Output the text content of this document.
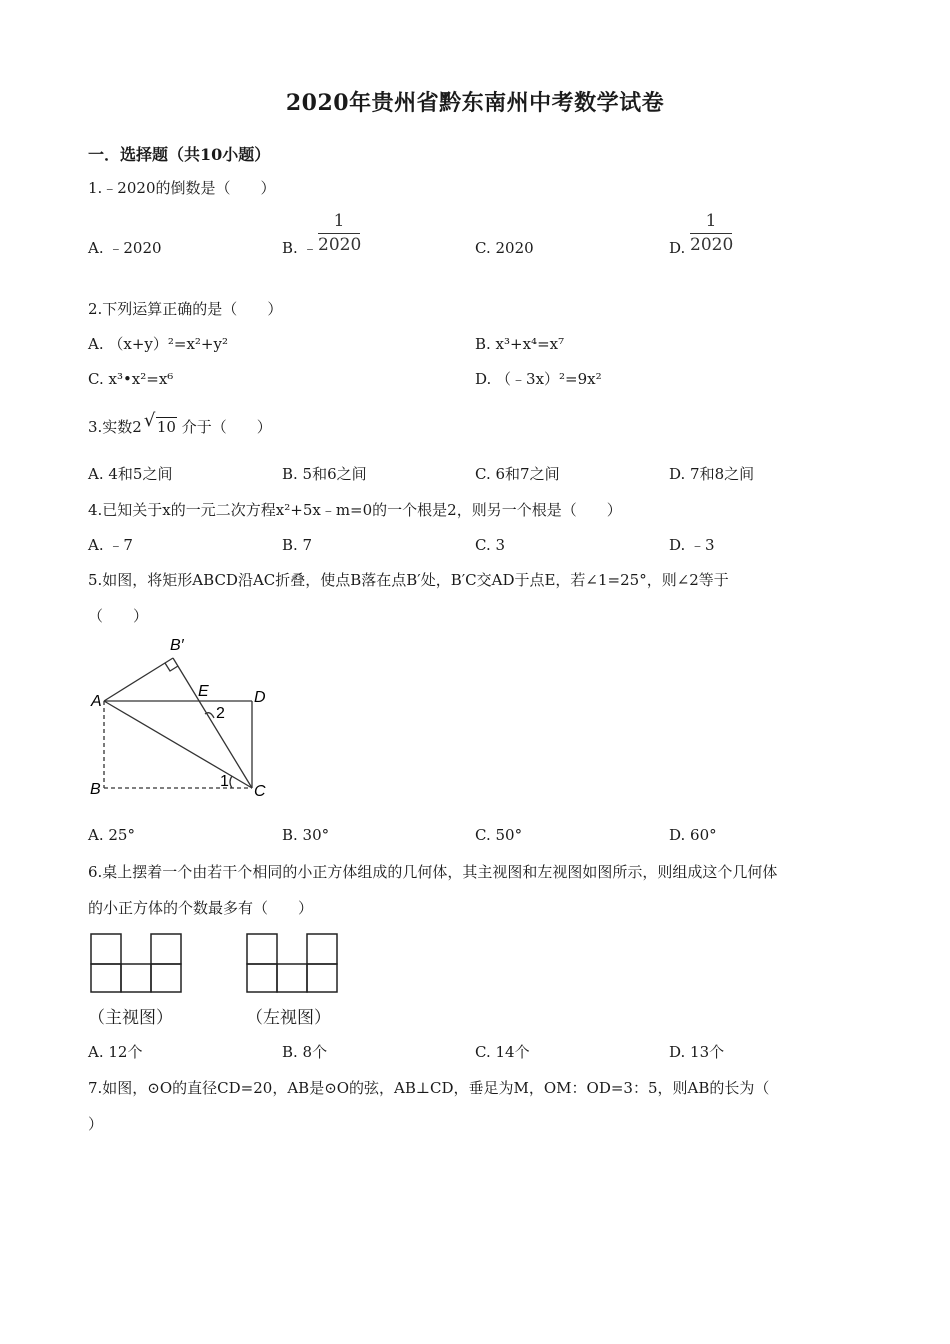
2020年贵州省黔东南州中考数学试卷
一．选择题（共10小题）
1.﹣2020的倒数是（　　）
A. ﹣2020	B. ﹣ $\frac{1}{2020}$	C. 2020	D. $\frac{1}{2020}$
2.下列运算正确的是（　　）
A. （x+y）²=x²+y²	B. x³+x⁴=x⁷
C. x³•x²=x⁶	D. （﹣3x）²=9x²
3.实数2 √ 10 介于（　　）
A. 4和5之间	B. 5和6之间	C. 6和7之间	D. 7和8之间
4.已知关于x的一元二次方程x²+5x﹣m=0的一个根是2，则另一个根是（　　）
A. ﹣7	B. 7	C. 3	D. ﹣3
5.如图，将矩形ABCD沿AC折叠，使点B落在点B′处，B′C交AD于点E，若∠1=25°，则∠2等于
（　　）
B′
A
E	D
2
B	1
C
A. 25°	B. 30°	C. 50°	D. 60°
6.桌上摆着一个由若干个相同的小正方体组成的几何体，其主视图和左视图如图所示，则组成这个几何体
的小正方体的个数最多有（　　）
（主视图）	（左视图）
A. 12个	B. 8个	C. 14个	D. 13个
7.如图，⊙O的直径CD=20，AB是⊙O的弦，AB⊥CD，垂足为M，OM：OD=3：5，则AB的长为（
）
